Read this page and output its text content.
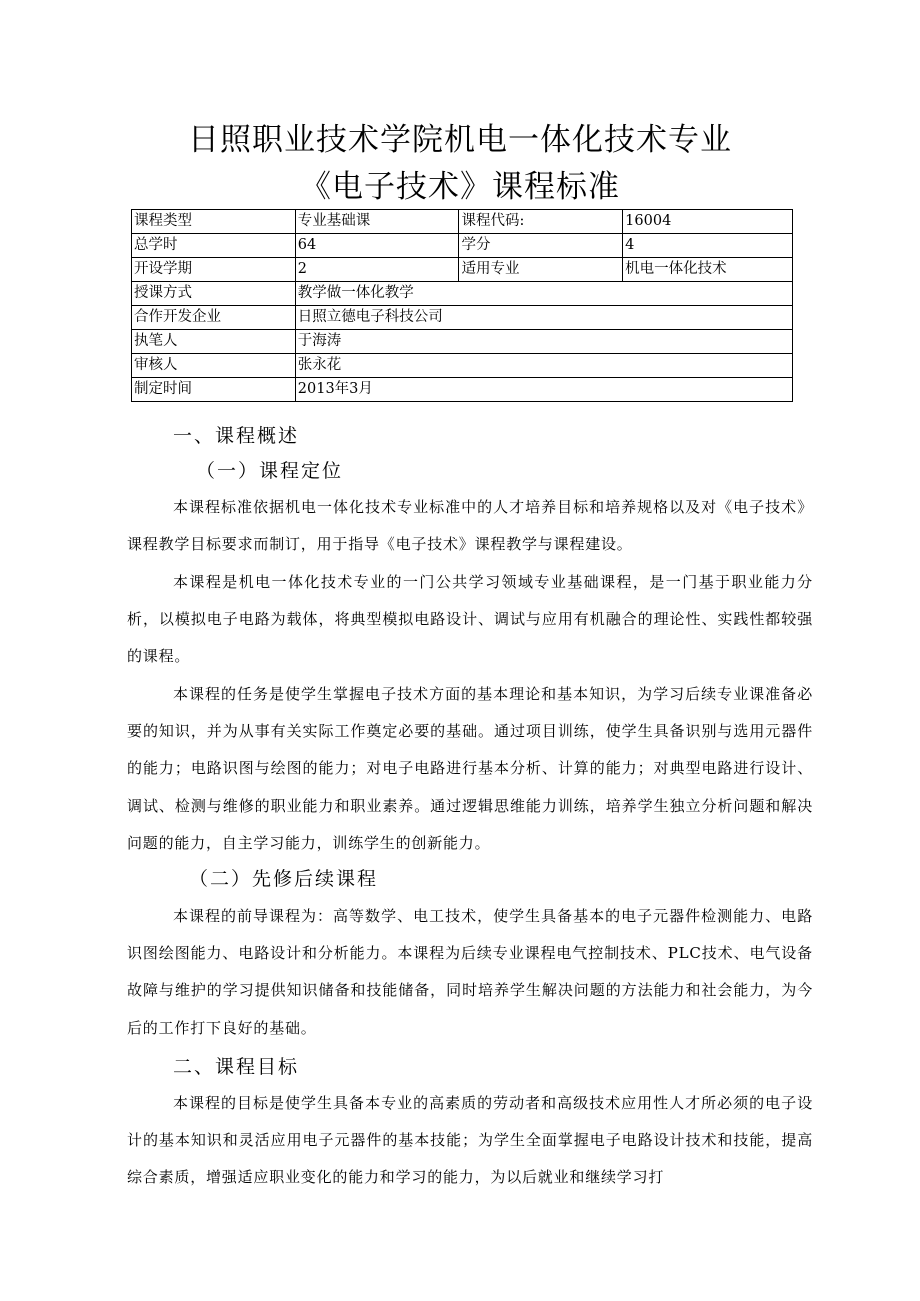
日照职业技术学院机电一体化技术专业
《电子技术》课程标准
课程类型	专业基础课	课程代码:	16004
总学时	64	学分	4
开设学期	2	适用专业	机电一体化技术
授课方式	教学做一体化教学		
合作开发企业	日照立德电子科技公司		
执笔人	于海涛		
审核人	张永花		
制定时间	2013年3月		
一、课程概述
（一）课程定位

本课程标准依据机电一体化技术专业标准中的人才培养目标和培养规格以及对《电子技术》课程教学目标要求而制订，用于指导《电子技术》课程教学与课程建设。

本课程是机电一体化技术专业的一门公共学习领域专业基础课程，是一门基于职业能力分析，以模拟电子电路为载体，将典型模拟电路设计、调试与应用有机融合的理论性、实践性都较强的课程。

本课程的任务是使学生掌握电子技术方面的基本理论和基本知识，为学习后续专业课准备必要的知识，并为从事有关实际工作奠定必要的基础。通过项目训练，使学生具备识别与选用元器件的能力；电路识图与绘图的能力；对电子电路进行基本分析、计算的能力；对典型电路进行设计、调试、检测与维修的职业能力和职业素养。通过逻辑思维能力训练，培养学生独立分析问题和解决问题的能力，自主学习能力，训练学生的创新能力。

（二）先修后续课程

本课程的前导课程为：高等数学、电工技术，使学生具备基本的电子元器件检测能力、电路识图绘图能力、电路设计和分析能力。本课程为后续专业课程电气控制技术、PLC技术、电气设备故障与维护的学习提供知识储备和技能储备，同时培养学生解决问题的方法能力和社会能力，为今后的工作打下良好的基础。

二、课程目标

本课程的目标是使学生具备本专业的高素质的劳动者和高级技术应用性人才所必须的电子设计的基本知识和灵活应用电子元器件的基本技能；为学生全面掌握电子电路设计技术和技能，提高综合素质，增强适应职业变化的能力和学习的能力，为以后就业和继续学习打
